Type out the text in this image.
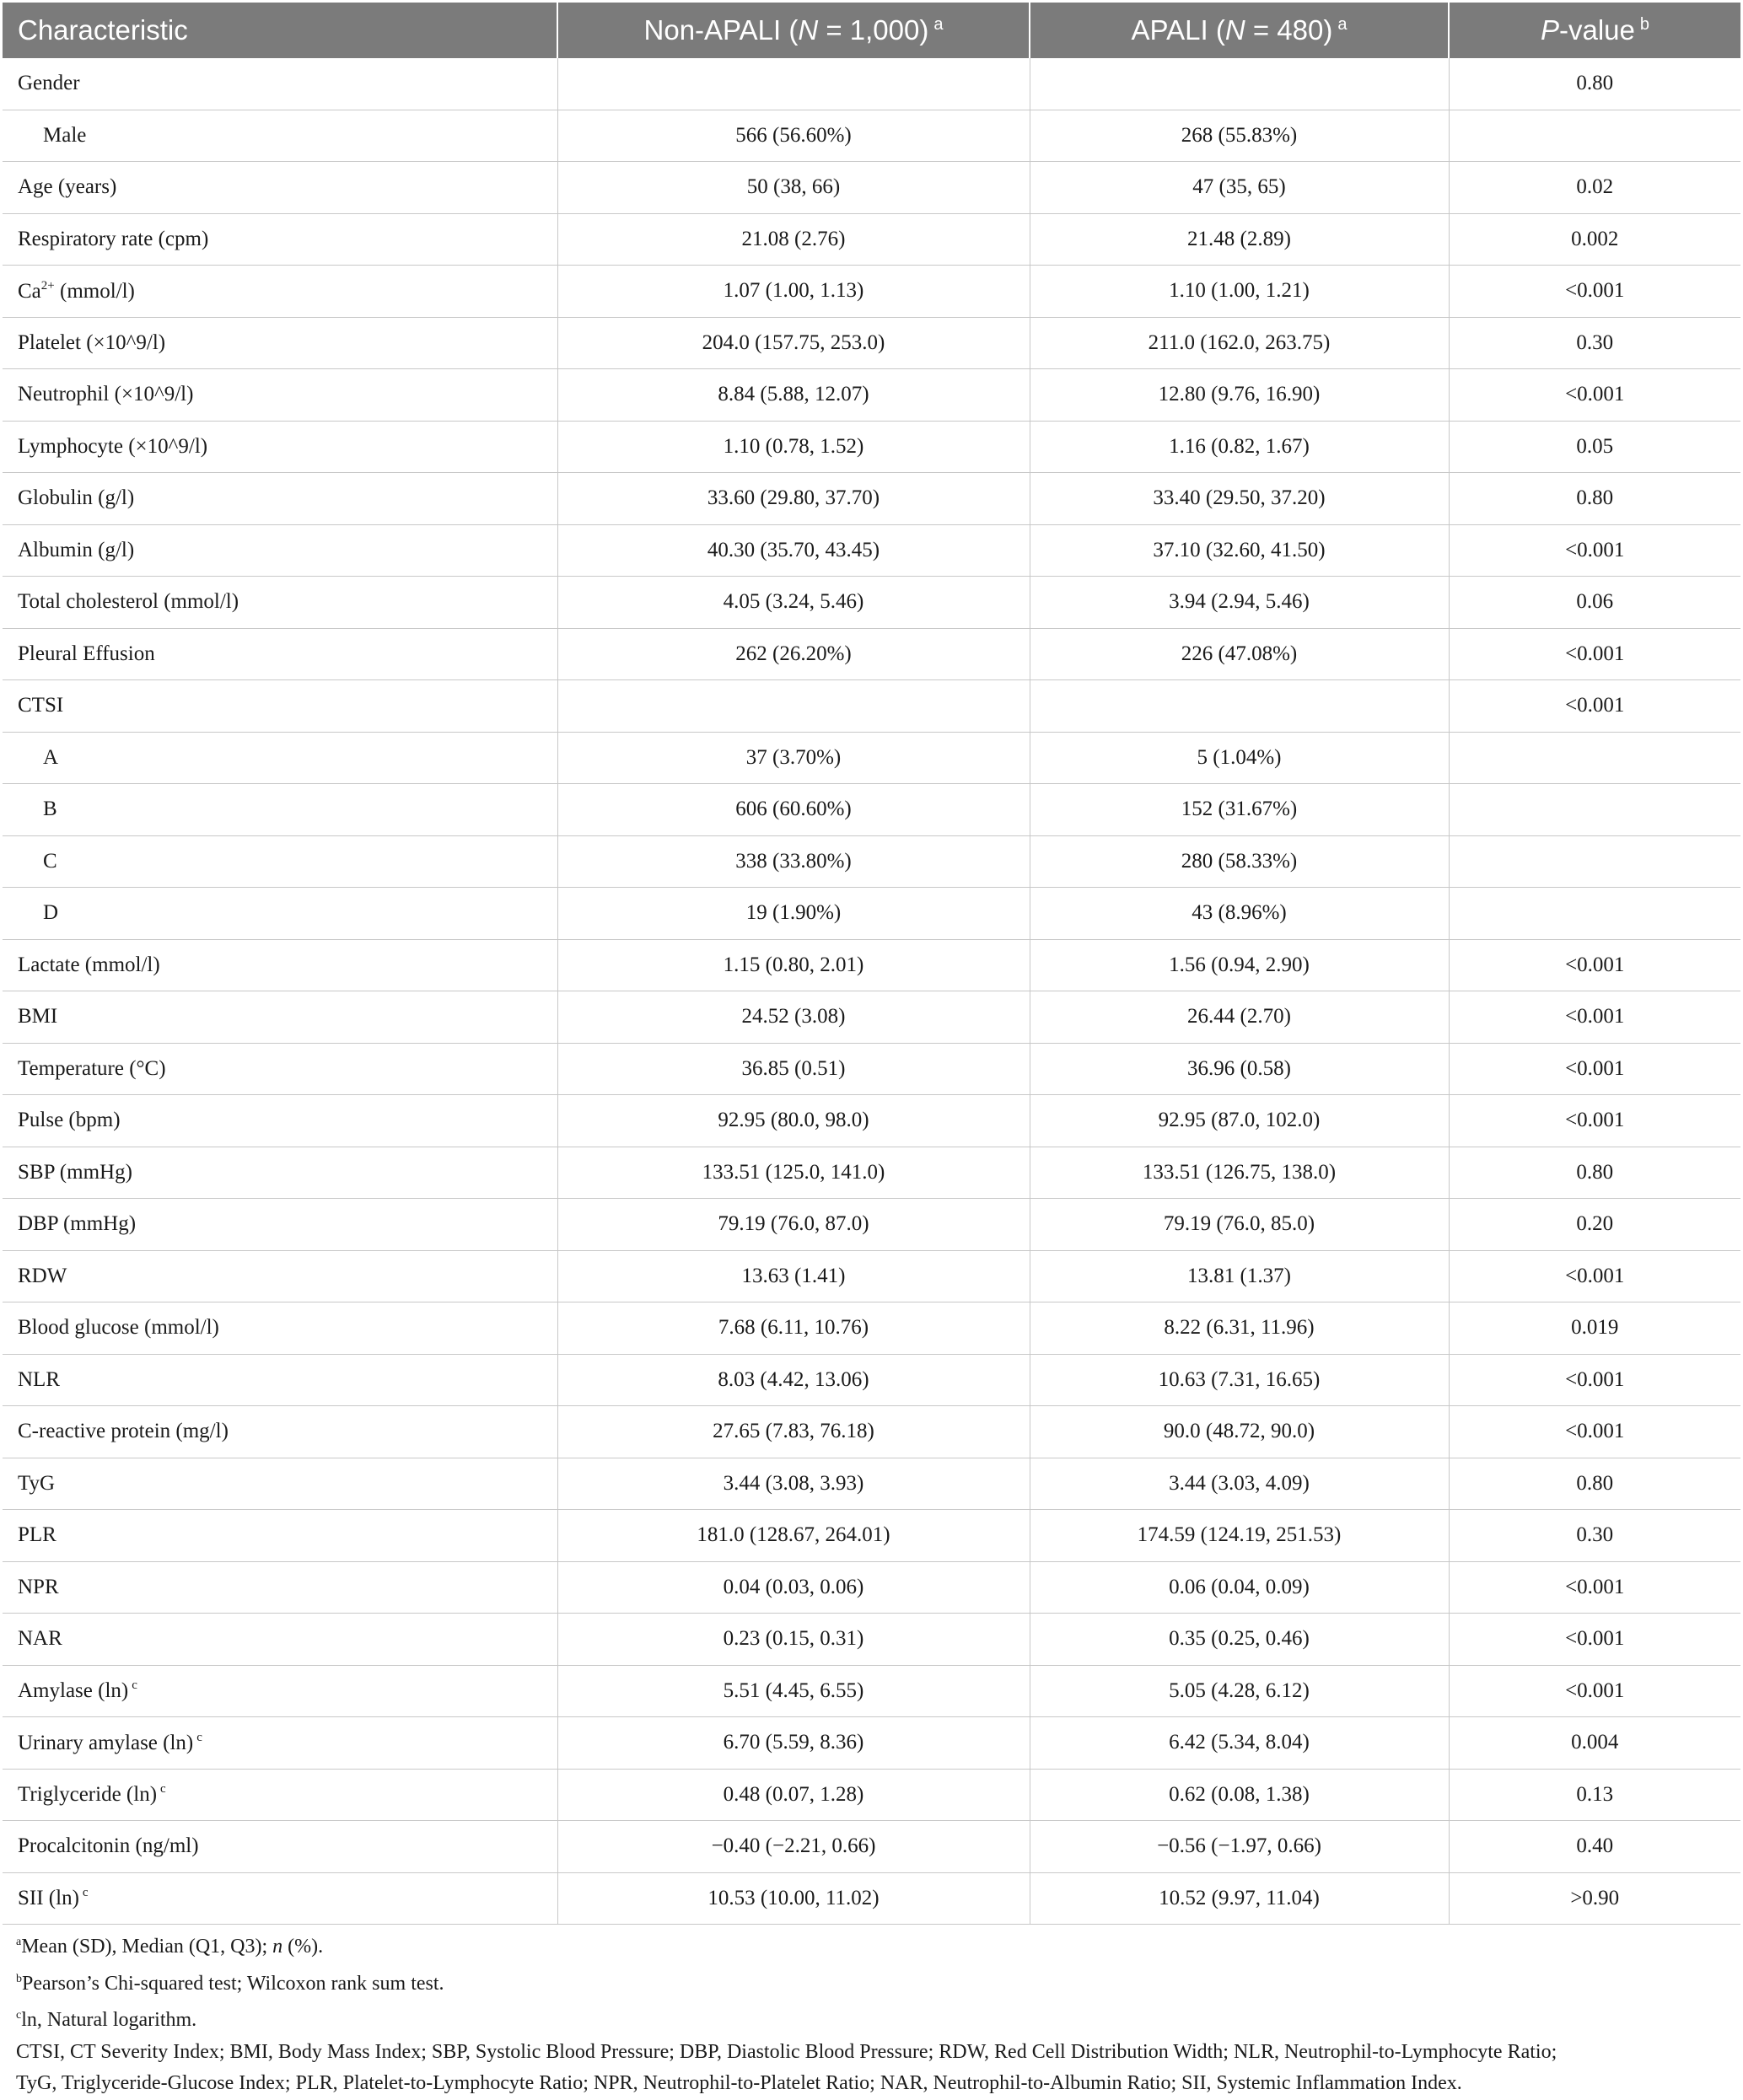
Characteristic	Non-APALI (N = 1,000) $^a$	APALI (N = 480) $^a$	P-value $^b$
Gender			0.80
Male	566 (56.60%)	268 (55.83%)	
Age (years)	50 (38, 66)	47 (35, 65)	0.02
Respiratory rate (cpm)	21.08 (2.76)	21.48 (2.89)	0.002
$Ca^{2+}$ (mmol/l)	1.07 (1.00, 1.13)	1.10 (1.00, 1.21)	<0.001
Platelet (×10^9/l)	204.0 (157.75, 253.0)	211.0 (162.0, 263.75)	0.30
Neutrophil (×10^9/l)	8.84 (5.88, 12.07)	12.80 (9.76, 16.90)	<0.001
Lymphocyte (×10^9/l)	1.10 (0.78, 1.52)	1.16 (0.82, 1.67)	0.05
Globulin (g/l)	33.60 (29.80, 37.70)	33.40 (29.50, 37.20)	0.80
Albumin (g/l)	40.30 (35.70, 43.45)	37.10 (32.60, 41.50)	<0.001
Total cholesterol (mmol/l)	4.05 (3.24, 5.46)	3.94 (2.94, 5.46)	0.06
Pleural Effusion	262 (26.20%)	226 (47.08%)	<0.001
CTSI			<0.001
A	37 (3.70%)	5 (1.04%)	
B	606 (60.60%)	152 (31.67%)	
C	338 (33.80%)	280 (58.33%)	
D	19 (1.90%)	43 (8.96%)	
Lactate (mmol/l)	1.15 (0.80, 2.01)	1.56 (0.94, 2.90)	<0.001
BMI	24.52 (3.08)	26.44 (2.70)	<0.001
Temperature (°C)	36.85 (0.51)	36.96 (0.58)	<0.001
Pulse (bpm)	92.95 (80.0, 98.0)	92.95 (87.0, 102.0)	<0.001
SBP (mmHg)	133.51 (125.0, 141.0)	133.51 (126.75, 138.0)	0.80
DBP (mmHg)	79.19 (76.0, 87.0)	79.19 (76.0, 85.0)	0.20
RDW	13.63 (1.41)	13.81 (1.37)	<0.001
Blood glucose (mmol/l)	7.68 (6.11, 10.76)	8.22 (6.31, 11.96)	0.019
NLR	8.03 (4.42, 13.06)	10.63 (7.31, 16.65)	<0.001
C-reactive protein (mg/l)	27.65 (7.83, 76.18)	90.0 (48.72, 90.0)	<0.001
TyG	3.44 (3.08, 3.93)	3.44 (3.03, 4.09)	0.80
PLR	181.0 (128.67, 264.01)	174.59 (124.19, 251.53)	0.30
NPR	0.04 (0.03, 0.06)	0.06 (0.04, 0.09)	<0.001
NAR	0.23 (0.15, 0.31)	0.35 (0.25, 0.46)	<0.001
Amylase (ln) $^c$	5.51 (4.45, 6.55)	5.05 (4.28, 6.12)	<0.001
Urinary amylase (ln) $^c$	6.70 (5.59, 8.36)	6.42 (5.34, 8.04)	0.004
Triglyceride (ln) $^c$	0.48 (0.07, 1.28)	0.62 (0.08, 1.38)	0.13
Procalcitonin (ng/ml)	−0.40 (−2.21, 0.66)	−0.56 (−1.97, 0.66)	0.40
SII (ln) $^c$	10.53 (10.00, 11.02)	10.52 (9.97, 11.04)	>0.90

$^a$Mean (SD), Median (Q1, Q3); n (%).

$^b$Pearson’s Chi-squared test; Wilcoxon rank sum test.

$^c$ln, Natural logarithm.

CTSI, CT Severity Index; BMI, Body Mass Index; SBP, Systolic Blood Pressure; DBP, Diastolic Blood Pressure; RDW, Red Cell Distribution Width; NLR, Neutrophil-to-Lymphocyte Ratio;

TyG, Triglyceride-Glucose Index; PLR, Platelet-to-Lymphocyte Ratio; NPR, Neutrophil-to-Platelet Ratio; NAR, Neutrophil-to-Albumin Ratio; SII, Systemic Inflammation Index.
